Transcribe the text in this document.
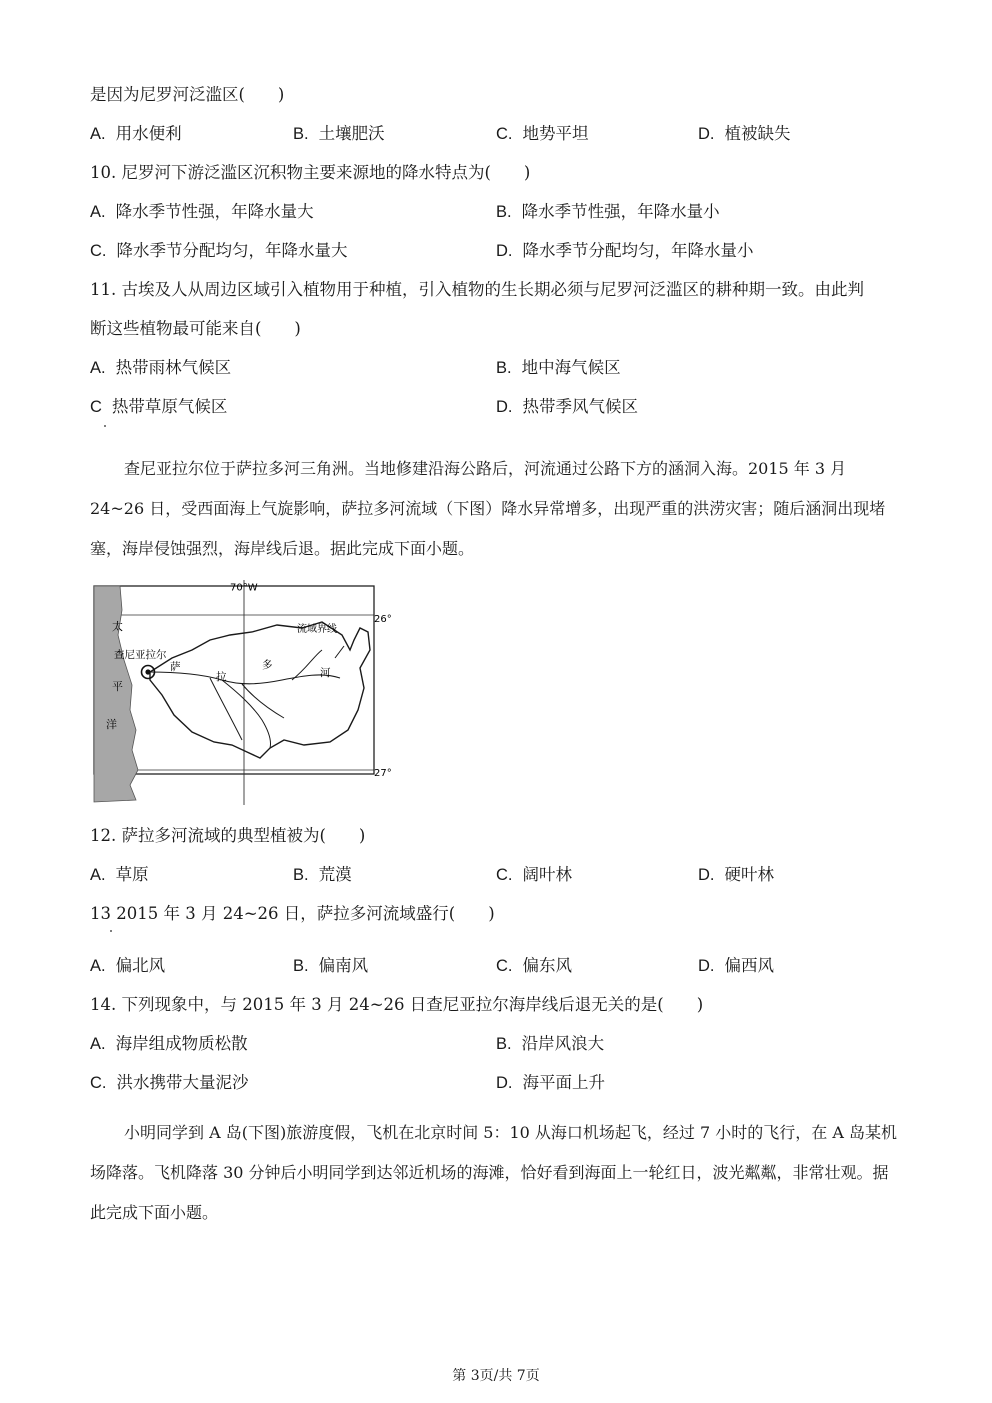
是因为尼罗河泛滥区(　　)
A. 用水便利	B. 土壤肥沃	C. 地势平坦	D. 植被缺失
10. 尼罗河下游泛滥区沉积物主要来源地的降水特点为(　　)
A. 降水季节性强，年降水量大	B. 降水季节性强，年降水量小
C. 降水季节分配均匀，年降水量大	D. 降水季节分配均匀，年降水量小
11. 古埃及人从周边区域引入植物用于种植，引入植物的生长期必须与尼罗河泛滥区的耕种期一致。由此判
断这些植物最可能来自(　　)
A. 热带雨林气候区	B. 地中海气候区
C 热带草原气候区	D. 热带季风气候区
查尼亚拉尔位于萨拉多河三角洲。当地修建沿海公路后，河流通过公路下方的涵洞入海。2015 年 3 月 24~26 日，受西面海上气旋影响，萨拉多河流域（下图）降水异常增多，出现严重的洪涝灾害；随后涵洞出现堵塞，海岸侵蚀强烈，海岸线后退。据此完成下面小题。
70°W
26°
27°
太
平
洋
查尼亚拉尔
流域界线
萨
拉
多
河
12. 萨拉多河流域的典型植被为(　　)
A. 草原	B. 荒漠	C. 阔叶林	D. 硬叶林
13 2015 年 3 月 24~26 日，萨拉多河流域盛行(　　)
A. 偏北风	B. 偏南风	C. 偏东风	D. 偏西风
14. 下列现象中，与 2015 年 3 月 24~26 日查尼亚拉尔海岸线后退无关的是(　　)
A. 海岸组成物质松散	B. 沿岸风浪大
C. 洪水携带大量泥沙	D. 海平面上升
小明同学到 A 岛(下图)旅游度假，飞机在北京时间 5：10 从海口机场起飞，经过 7 小时的飞行，在 A 岛某机场降落。飞机降落 30 分钟后小明同学到达邻近机场的海滩，恰好看到海面上一轮红日，波光粼粼，非常壮观。据此完成下面小题。
第 3页/共 7页
